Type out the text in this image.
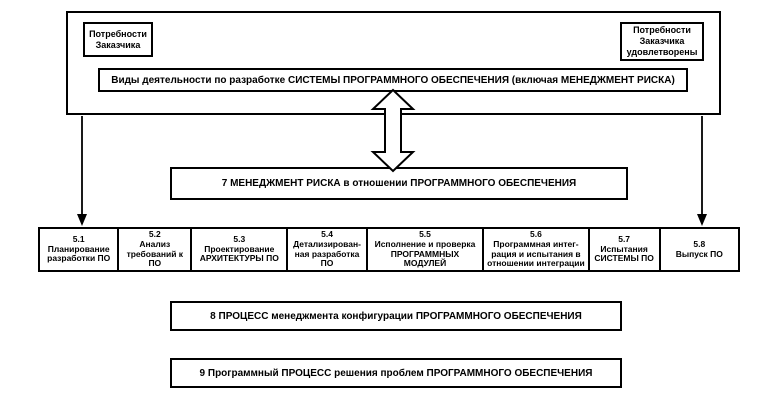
Потребности Заказчика
Потребности Заказчика удовлетворены
Виды деятельности по разработке СИСТЕМЫ ПРОГРАММНОГО ОБЕСПЕЧЕНИЯ (включая МЕНЕДЖМЕНТ РИСКА)
7 МЕНЕДЖМЕНТ РИСКА в отношении ПРОГРАММНОГО ОБЕСПЕЧЕНИЯ
5.1
Планирование разработки ПО
5.2
Анализ требований к ПО
5.3
Проектирование АРХИТЕКТУРЫ ПО
5.4
Детализирован-ная разработка ПО
5.5
Исполнение и проверка ПРОГРАММНЫХ МОДУЛЕЙ
5.6
Программная интег-рация и испытания в отношении интеграции
5.7
Испытания СИСТЕМЫ ПО
5.8
Выпуск ПО
8 ПРОЦЕСС менеджмента конфигурации ПРОГРАММНОГО ОБЕСПЕЧЕНИЯ
9 Программный ПРОЦЕСС решения проблем ПРОГРАММНОГО ОБЕСПЕЧЕНИЯ
